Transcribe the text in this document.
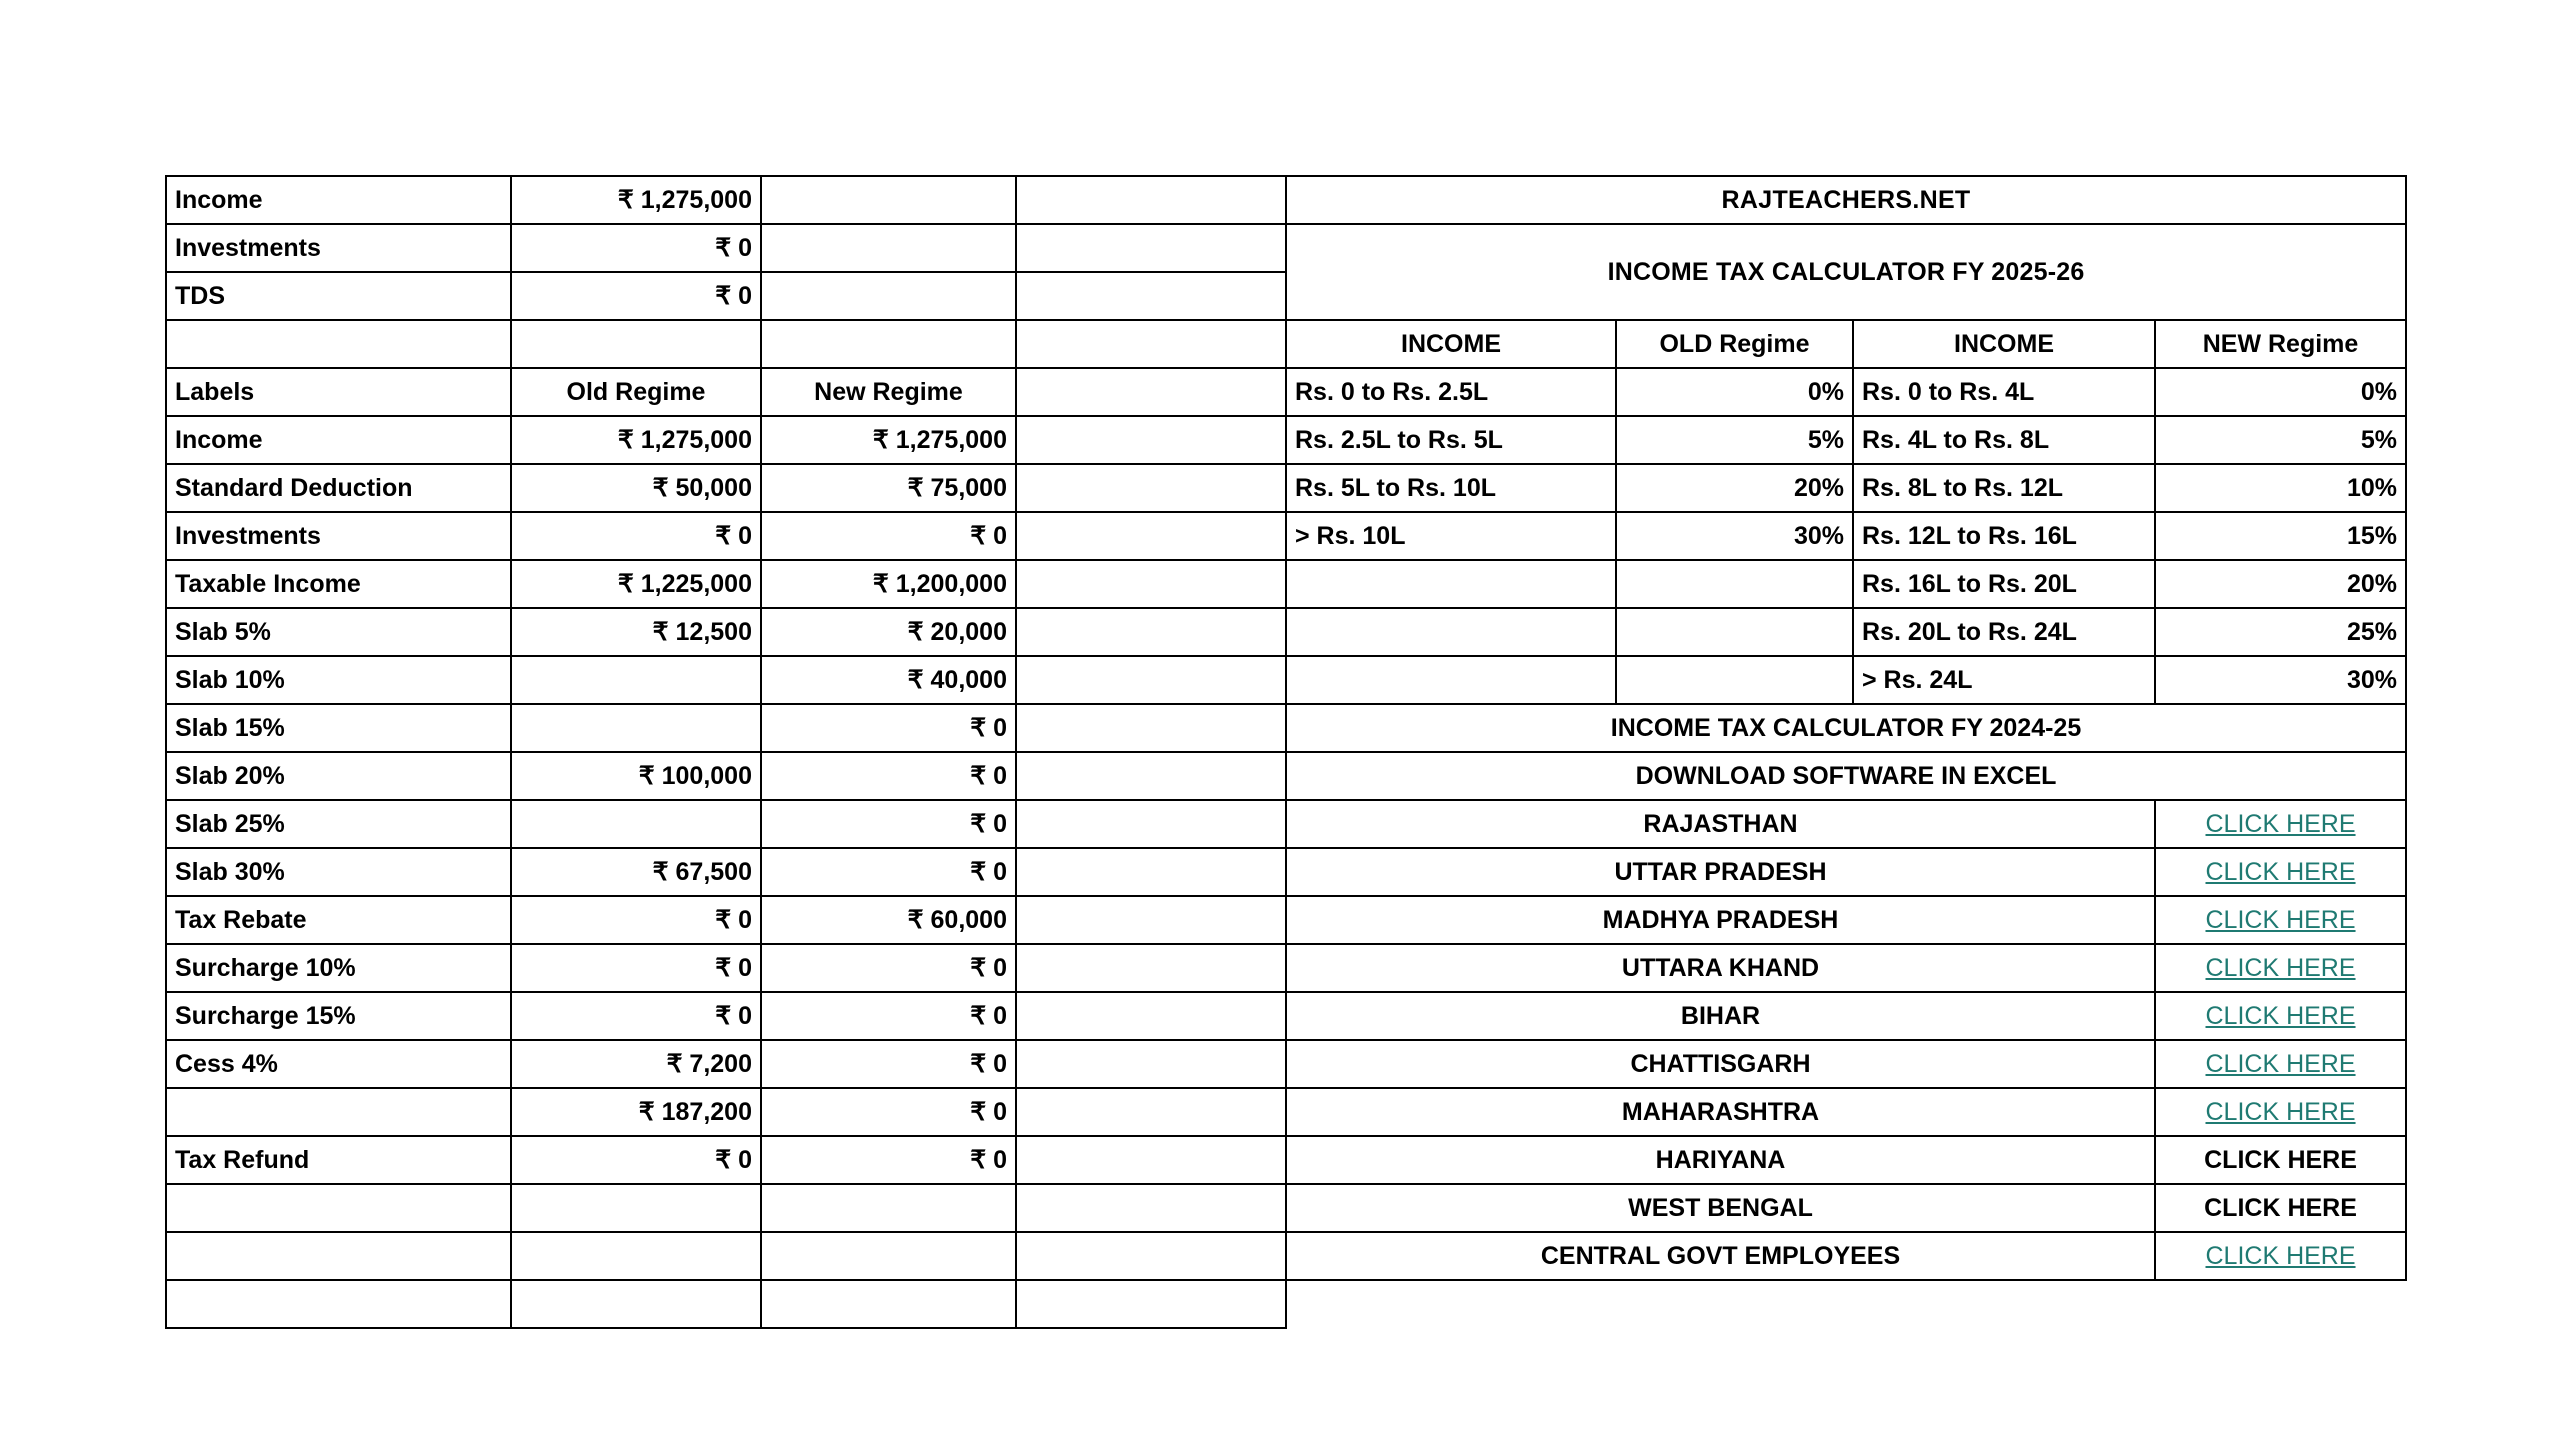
Income	₹ 1,275,000			RAJTEACHERS.NET			
Investments	₹ 0			INCOME TAX CALCULATOR FY 2025-26			
TDS	₹ 0						
				INCOME	OLD Regime	INCOME	NEW Regime
Labels	Old Regime	New Regime		Rs. 0 to Rs. 2.5L	0%	Rs. 0 to Rs. 4L	0%
Income	₹ 1,275,000	₹ 1,275,000		Rs. 2.5L to Rs. 5L	5%	Rs. 4L to Rs. 8L	5%
Standard Deduction	₹ 50,000	₹ 75,000		Rs. 5L to Rs. 10L	20%	Rs. 8L to Rs. 12L	10%
Investments	₹ 0	₹ 0		> Rs. 10L	30%	Rs. 12L to Rs. 16L	15%
Taxable Income	₹ 1,225,000	₹ 1,200,000				Rs. 16L to Rs. 20L	20%
Slab 5%	₹ 12,500	₹ 20,000				Rs. 20L to Rs. 24L	25%
Slab 10%		₹ 40,000				> Rs. 24L	30%
Slab 15%		₹ 0		INCOME TAX CALCULATOR FY 2024-25			
Slab 20%	₹ 100,000	₹ 0		DOWNLOAD SOFTWARE IN EXCEL			
Slab 25%		₹ 0		RAJASTHAN			CLICK HERE
Slab 30%	₹ 67,500	₹ 0		UTTAR PRADESH			CLICK HERE
Tax Rebate	₹ 0	₹ 60,000		MADHYA PRADESH			CLICK HERE
Surcharge 10%	₹ 0	₹ 0		UTTARA KHAND			CLICK HERE
Surcharge 15%	₹ 0	₹ 0		BIHAR			CLICK HERE
Cess 4%	₹ 7,200	₹ 0		CHATTISGARH			CLICK HERE
Income Tax	₹ 187,200	₹ 0		MAHARASHTRA			CLICK HERE
Tax Refund	₹ 0	₹ 0		HARIYANA			CLICK HERE
				WEST BENGAL			CLICK HERE
				CENTRAL GOVT EMPLOYEES			CLICK HERE
